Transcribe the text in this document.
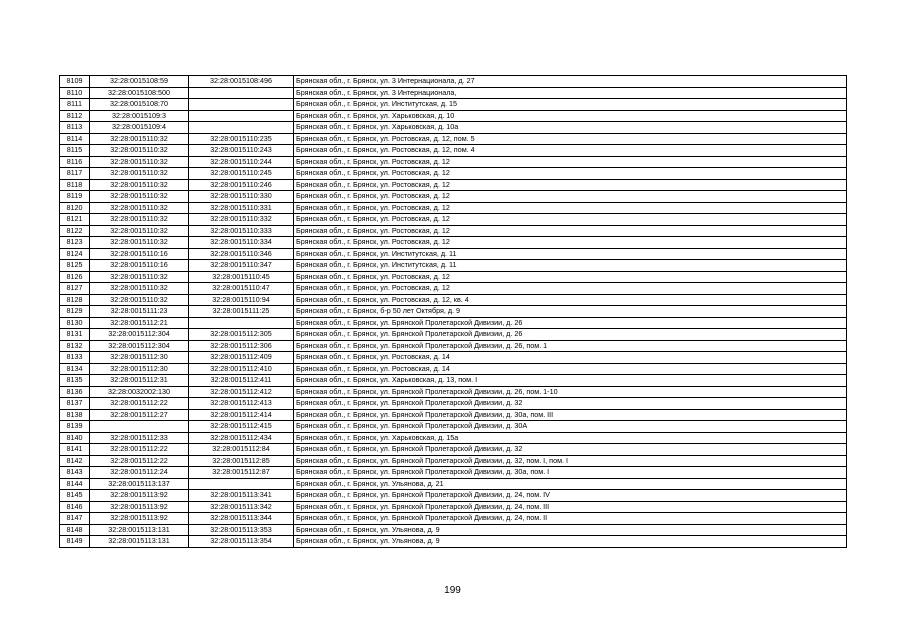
8109	32:28:0015108:59	32:28:0015108:496	Брянская обл., г. Брянск, ул. 3 Интернационала, д. 27
8110	32:28:0015108:500		Брянская обл., г. Брянск, ул. 3 Интернационала,
8111	32:28:0015108:70		Брянская обл., г. Брянск, ул. Институтская, д. 15
8112	32:28:0015109:3		Брянская обл., г. Брянск, ул. Харьковская, д. 10
8113	32:28:0015109:4		Брянская обл., г. Брянск, ул. Харьковская, д. 10а
8114	32:28:0015110:32	32:28:0015110:235	Брянская обл., г. Брянск, ул. Ростовская, д. 12, пом. 5
8115	32:28:0015110:32	32:28:0015110:243	Брянская обл., г. Брянск, ул. Ростовская, д. 12, пом. 4
8116	32:28:0015110:32	32:28:0015110:244	Брянская обл., г. Брянск, ул. Ростовская, д. 12
8117	32:28:0015110:32	32:28:0015110:245	Брянская обл., г. Брянск, ул. Ростовская, д. 12
8118	32:28:0015110:32	32:28:0015110:246	Брянская обл., г. Брянск, ул. Ростовская, д. 12
8119	32:28:0015110:32	32:28:0015110:330	Брянская обл., г. Брянск, ул. Ростовская, д. 12
8120	32:28:0015110:32	32:28:0015110:331	Брянская обл., г. Брянск, ул. Ростовская, д. 12
8121	32:28:0015110:32	32:28:0015110:332	Брянская обл., г. Брянск, ул. Ростовская, д. 12
8122	32:28:0015110:32	32:28:0015110:333	Брянская обл., г. Брянск, ул. Ростовская, д. 12
8123	32:28:0015110:32	32:28:0015110:334	Брянская обл., г. Брянск, ул. Ростовская, д. 12
8124	32:28:0015110:16	32:28:0015110:346	Брянская обл., г. Брянск, ул. Институтская, д. 11
8125	32:28:0015110:16	32:28:0015110:347	Брянская обл., г. Брянск, ул. Институтская, д. 11
8126	32:28:0015110:32	32:28:0015110:45	Брянская обл., г. Брянск, ул. Ростовская, д. 12
8127	32:28:0015110:32	32:28:0015110:47	Брянская обл., г. Брянск, ул. Ростовская, д. 12
8128	32:28:0015110:32	32:28:0015110:94	Брянская обл., г. Брянск, ул. Ростовская, д. 12, кв. 4
8129	32:28:0015111:23	32:28:0015111:25	Брянская обл., г. Брянск, б-р 50 лет Октября, д. 9
8130	32:28:0015112:21		Брянская обл., г. Брянск, ул. Брянской Пролетарской Дивизии, д. 26
8131	32:28:0015112:304	32:28:0015112:305	Брянская обл., г. Брянск, ул. Брянской Пролетарской Дивизии, д. 26
8132	32:28:0015112:304	32:28:0015112:306	Брянская обл., г. Брянск, ул. Брянской Пролетарской Дивизии, д. 26, пом. 1
8133	32:28:0015112:30	32:28:0015112:409	Брянская обл., г. Брянск, ул. Ростовская, д. 14
8134	32:28:0015112:30	32:28:0015112:410	Брянская обл., г. Брянск, ул. Ростовская, д. 14
8135	32:28:0015112:31	32:28:0015112:411	Брянская обл., г. Брянск, ул. Харьковская, д. 13, пом. I
8136	32:28:0032002:130	32:28:0015112:412	Брянская обл., г. Брянск, ул. Брянской Пролетарской Дивизии, д. 26, пом. 1-10
8137	32:28:0015112:22	32:28:0015112:413	Брянская обл., г. Брянск, ул. Брянской Пролетарской Дивизии, д. 32
8138	32:28:0015112:27	32:28:0015112:414	Брянская обл., г. Брянск, ул. Брянской Пролетарской Дивизии, д. 30а, пом. III
8139		32:28:0015112:415	Брянская обл., г. Брянск, ул. Брянской Пролетарской Дивизии, д. 30А
8140	32:28:0015112:33	32:28:0015112:434	Брянская обл., г. Брянск, ул. Харьковская, д. 15а
8141	32:28:0015112:22	32:28:0015112:84	Брянская обл., г. Брянск, ул. Брянской Пролетарской Дивизии, д. 32
8142	32:28:0015112:22	32:28:0015112:85	Брянская обл., г. Брянск, ул. Брянской Пролетарской Дивизии, д. 32, пом. I, пом. I
8143	32:28:0015112:24	32:28:0015112:87	Брянская обл., г. Брянск, ул. Брянской Пролетарской Дивизии, д. 30а, пом. I
8144	32:28:0015113:137		Брянская обл., г. Брянск, ул. Ульянова, д. 21
8145	32:28:0015113:92	32:28:0015113:341	Брянская обл., г. Брянск, ул. Брянской Пролетарской Дивизии, д. 24, пом. IV
8146	32:28:0015113:92	32:28:0015113:342	Брянская обл., г. Брянск, ул. Брянской Пролетарской Дивизии, д. 24, пом. III
8147	32:28:0015113:92	32:28:0015113:344	Брянская обл., г. Брянск, ул. Брянской Пролетарской Дивизии, д. 24, пом. II
8148	32:28:0015113:131	32:28:0015113:353	Брянская обл., г. Брянск, ул. Ульянова, д. 9
8149	32:28:0015113:131	32:28:0015113:354	Брянская обл., г. Брянск, ул. Ульянова, д. 9
199
